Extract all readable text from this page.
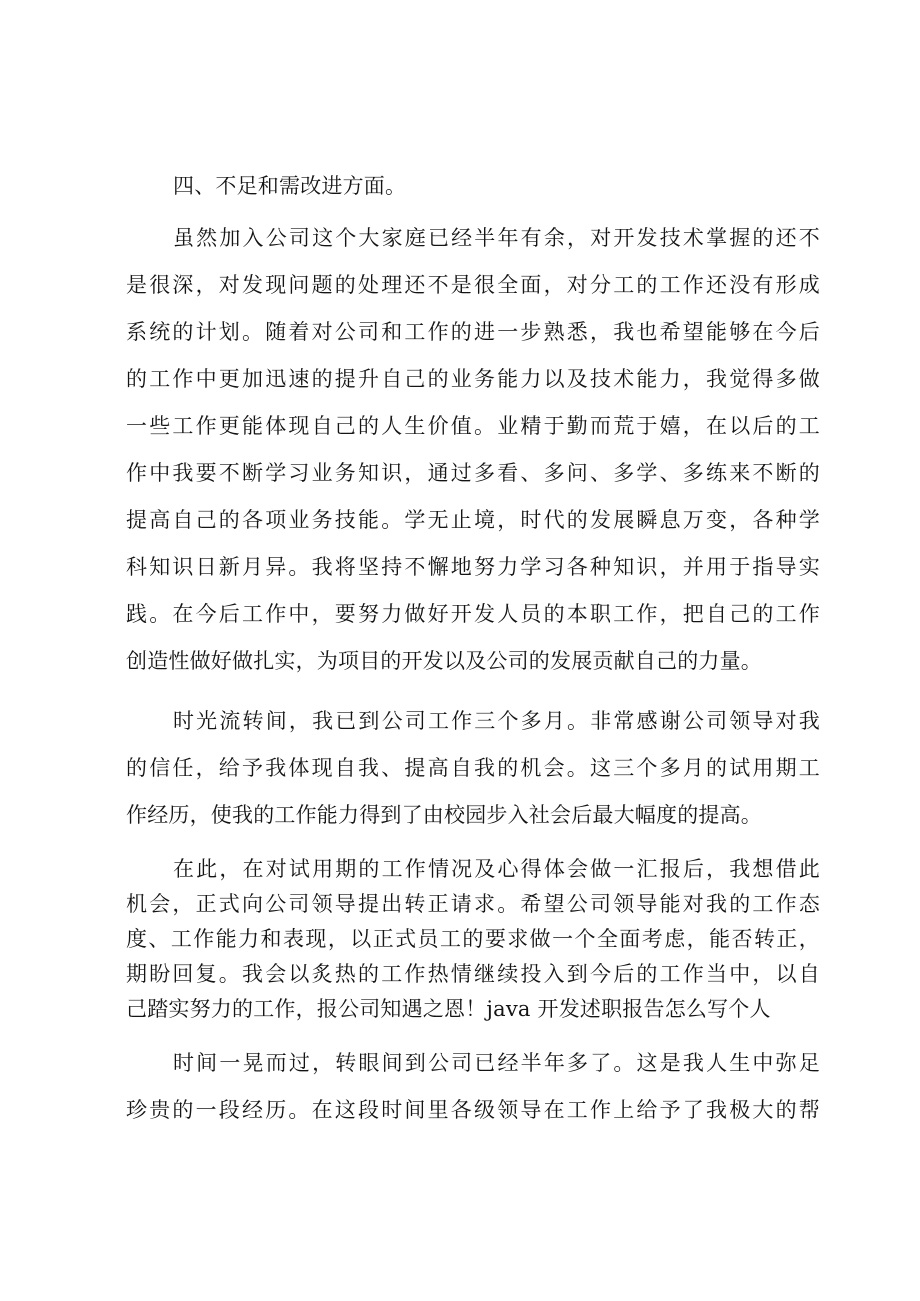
四、不足和需改进方面。
虽然加入公司这个大家庭已经半年有余，对开发技术掌握的还不
是很深，对发现问题的处理还不是很全面，对分工的工作还没有形成
系统的计划。随着对公司和工作的进一步熟悉，我也希望能够在今后
的工作中更加迅速的提升自己的业务能力以及技术能力，我觉得多做
一些工作更能体现自己的人生价值。业精于勤而荒于嬉，在以后的工
作中我要不断学习业务知识，通过多看、多问、多学、多练来不断的
提高自己的各项业务技能。学无止境，时代的发展瞬息万变，各种学
科知识日新月异。我将坚持不懈地努力学习各种知识，并用于指导实
践。在今后工作中，要努力做好开发人员的本职工作，把自己的工作
创造性做好做扎实，为项目的开发以及公司的发展贡献自己的力量。
时光流转间，我已到公司工作三个多月。非常感谢公司领导对我
的信任，给予我体现自我、提高自我的机会。这三个多月的试用期工
作经历，使我的工作能力得到了由校园步入社会后最大幅度的提高。
在此，在对试用期的工作情况及心得体会做一汇报后，我想借此
机会，正式向公司领导提出转正请求。希望公司领导能对我的工作态
度、工作能力和表现，以正式员工的要求做一个全面考虑，能否转正，
期盼回复。我会以炙热的工作热情继续投入到今后的工作当中，以自
己踏实努力的工作，报公司知遇之恩！java 开发述职报告怎么写个人
时间一晃而过，转眼间到公司已经半年多了。这是我人生中弥足
珍贵的一段经历。在这段时间里各级领导在工作上给予了我极大的帮
